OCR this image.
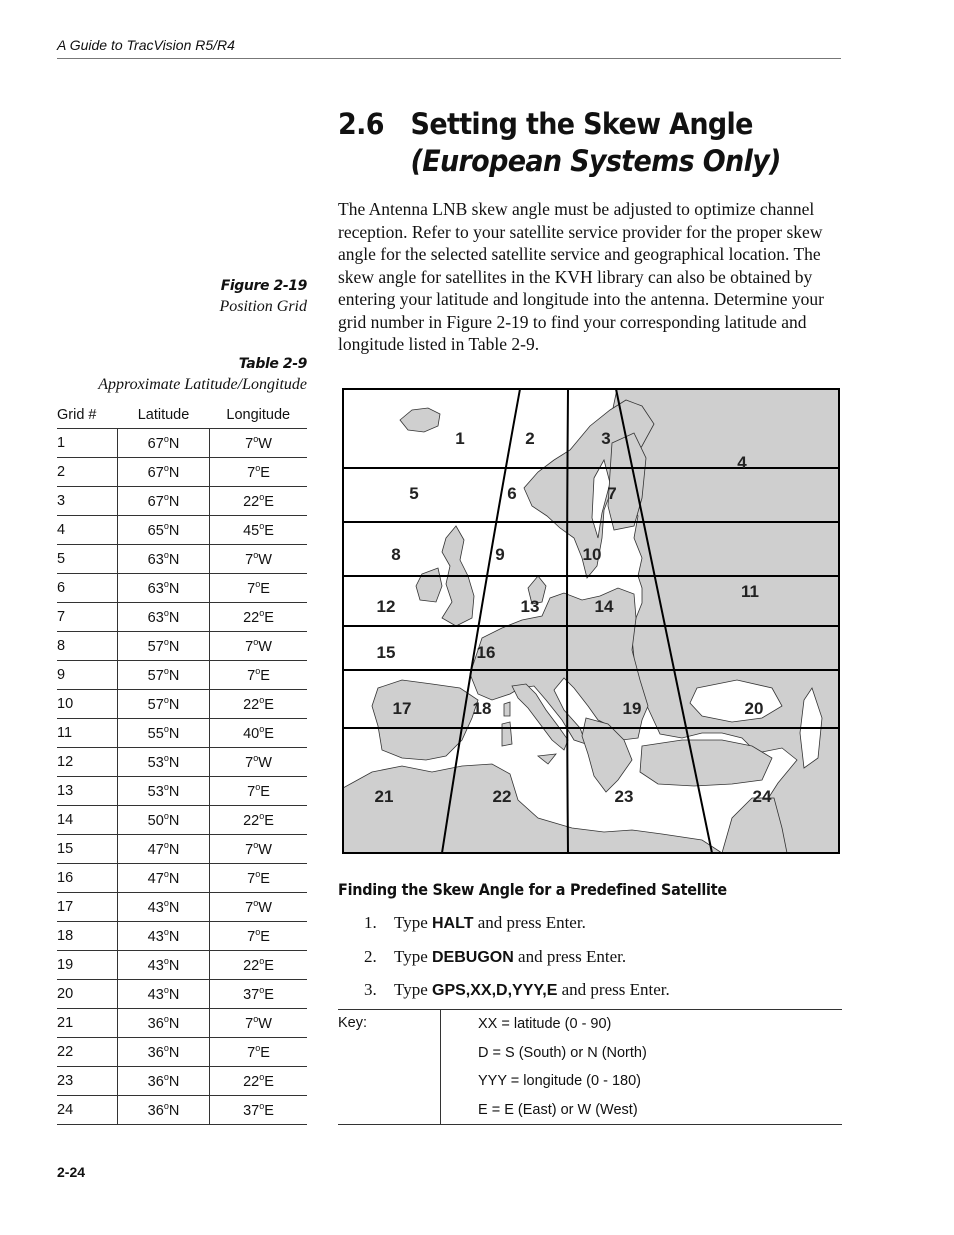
A Guide to TracVision R5/R4
2.6 Setting the Skew Angle
(European Systems Only)

The Antenna LNB skew angle must be adjusted to optimize channel reception. Refer to your satellite service provider for the proper skew angle for the selected satellite service and geographical location. The skew angle for satellites in the KVH library can also be obtained by entering your latitude and longitude into the antenna. Determine your grid number in Figure 2-19 to find your corresponding latitude and longitude listed in Table 2-9.

Figure 2-19
Position Grid
Table 2-9
Approximate Latitude/Longitude
Grid #	Latitude	Longitude
1	67$^o$N	7$^o$W
2	67$^o$N	7$^o$E
3	67$^o$N	22$^o$E
4	65$^o$N	45$^o$E
5	63$^o$N	7$^o$W
6	63$^o$N	7$^o$E
7	63$^o$N	22$^o$E
8	57$^o$N	7$^o$W
9	57$^o$N	7$^o$E
10	57$^o$N	22$^o$E
11	55$^o$N	40$^o$E
12	53$^o$N	7$^o$W
13	53$^o$N	7$^o$E
14	50$^o$N	22$^o$E
15	47$^o$N	7$^o$W
16	47$^o$N	7$^o$E
17	43$^o$N	7$^o$W
18	43$^o$N	7$^o$E
19	43$^o$N	22$^o$E
20	43$^o$N	37$^o$E
21	36$^o$N	7$^o$W
22	36$^o$N	7$^o$E
23	36$^o$N	22$^o$E
24	36$^o$N	37$^o$E
1	2	3
4
5	6	7
8	9	10
11
12	13	14
15	16
17	18	19	20
21	22	23	24
Finding the Skew Angle for a Predefined Satellite
1. Type HALT and press Enter.
2. Type DEBUGON and press Enter.
3. Type GPS,XX,D,YYY,E and press Enter.
Key:	XX = latitude (0 - 90)
D = S (South) or N (North)
YYY = longitude (0 - 180)
E = E (East) or W (West)
2-24
